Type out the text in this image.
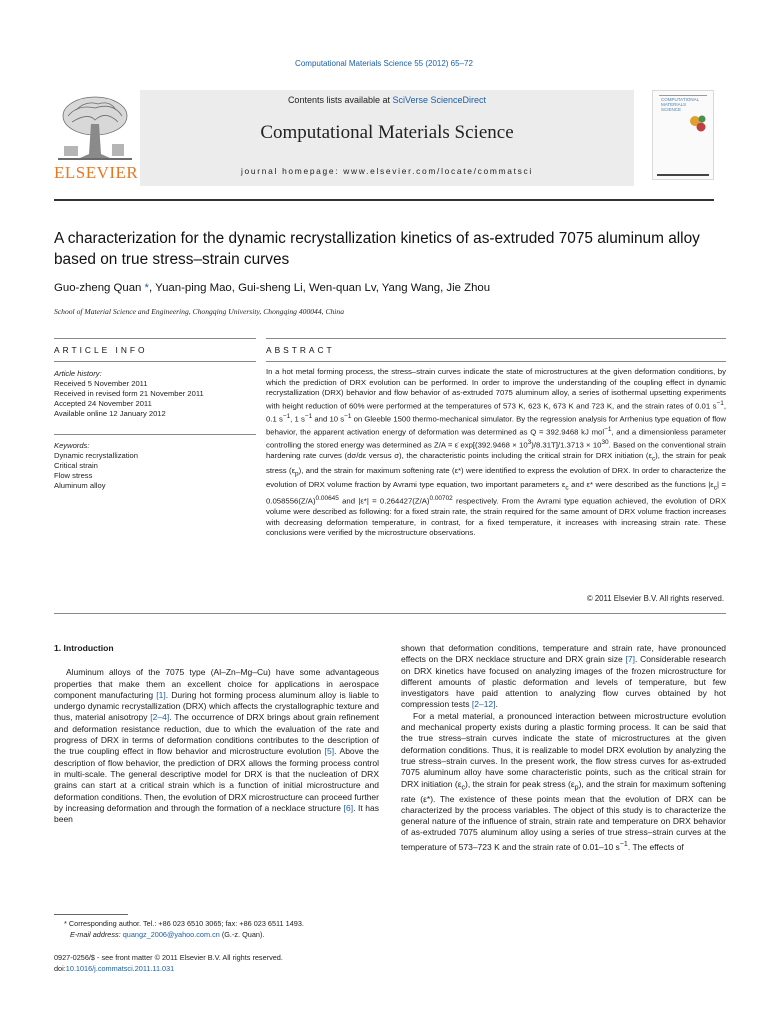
Computational Materials Science 55 (2012) 65–72
ELSEVIER
Contents lists available at SciVerse ScienceDirect
Computational Materials Science
journal homepage: www.elsevier.com/locate/commatsci
COMPUTATIONAL MATERIALS SCIENCE
A characterization for the dynamic recrystallization kinetics of as-extruded 7075 aluminum alloy based on true stress–strain curves
Guo-zheng Quan *, Yuan-ping Mao, Gui-sheng Li, Wen-quan Lv, Yang Wang, Jie Zhou
School of Material Science and Engineering, Chongqing University, Chongqing 400044, China
ARTICLE INFO	ABSTRACT
Article history:
Received 5 November 2011
Received in revised form 21 November 2011
Accepted 24 November 2011
Available online 12 January 2012
Keywords:
Dynamic recrystallization
Critical strain
Flow stress
Aluminum alloy
In a hot metal forming process, the stress–strain curves indicate the state of microstructures at the given deformation conditions, by which the prediction of DRX evolution can be performed. In order to improve the understanding of the coupling effect in dynamic recrystallization (DRX) behavior and flow behavior of as-extruded 7075 aluminum alloy, a series of isothermal upsetting experiments with height reduction of 60% were performed at the temperatures of 573 K, 623 K, 673 K and 723 K, and the strain rates of 0.01 $s^{-1}$, 0.1 $s^{-1}$, 1 $s^{-1}$ and 10 $s^{-1}$ on Gleeble 1500 thermo-mechanical simulator. By the regression analysis for Arrhenius type equation of flow behavior, the apparent activation energy of deformation was determined as Q = 392.9468 kJ mol$^{-1}$, and a dimensionless parameter controlling the stored energy was determined as Z/A = ε̇ $\exp[(392.9468 \times 10^3)/8.31T]/1.3713 \times 10^{30}$. Based on the conventional strain hardening rate curves (dσ/dε versus σ), the characteristic points including the critical strain for DRX initiation $(\varepsilon_c)$, the strain for peak stress $(\varepsilon_p)$, and the strain for maximum softening rate (ε*) were identified to express the evolution of DRX. In order to characterize the evolution of DRX volume fraction by Avrami type equation, two important parameters $\varepsilon_c$ and ε* were described as the functions $|\varepsilon_c| = 0.058556(Z/A)^{0.00645}$ and $|\varepsilon*| = 0.264427(Z/A)^{0.00702}$ respectively. From the Avrami type equation achieved, the evolution of DRX volume were described as following: for a fixed strain rate, the strain required for the same amount of DRX volume fraction increases with decreasing deformation temperature, in contrast, for a fixed temperature, it increases with increasing strain rate. These conclusions were verified by the microstructure observations.
© 2011 Elsevier B.V. All rights reserved.
1. Introduction

Aluminum alloys of the 7075 type (Al–Zn–Mg–Cu) have some advantageous properties that make them an excellent choice for applications in aerospace component manufacturing [1]. During hot forming process aluminum alloy is liable to undergo dynamic recrystallization (DRX) which affects the crystallographic texture and thus, material anisotropy [2–4]. The occurrence of DRX brings about grain refinement and deformation resistance reduction, due to which the evaluation of the rate and progress of DRX in terms of deformation conditions contributes to the description of the true coupling effect in flow behavior and microstructure evolution [5]. Above the description of flow behavior, the prediction of DRX allows the forming process control in multi-scale. The general descriptive model for DRX is that the nucleation of DRX grains can start at a critical strain which is a function of initial microstructure and deformation conditions. Then, the evolution of DRX microstructure can proceed further by increasing deformation and through the formation of a necklace structure [6]. It has been

shown that deformation conditions, temperature and strain rate, have pronounced effects on the DRX necklace structure and DRX grain size [7]. Considerable research on DRX kinetics have focused on analyzing images of the frozen microstructure for different amounts of plastic deformation and levels of temperature, but few investigators have paid attention to analyzing flow curves obtained by hot compression tests [2–12].

For a metal material, a pronounced interaction between microstructure evolution and mechanical property exists during a plastic forming process. It can be said that the true stress–strain curves indicate the state of microstructures at the given deformation conditions. Thus, it is realizable to model DRX evolution by analyzing the true stress–strain curves. In the present work, the flow stress curves for as-extruded 7075 aluminum alloy have some characteristic points, such as the critical strain for DRX initiation $(\varepsilon_c)$, the strain for peak stress $(\varepsilon_p)$, and the strain for maximum softening rate (ε*). The existence of these points mean that the evolution of DRX can be characterized by the process variables. The object of this study is to characterize the general nature of the influence of strain, strain rate and temperature on DRX behavior of as-extruded 7075 aluminum alloy using a series of true stress–strain curves at the temperature of 573–723 K and the strain rate of 0.01–10 $s^{-1}$. The effects of

* Corresponding author. Tel.: +86 023 6510 3065; fax: +86 023 6511 1493.
E-mail address: quangz_2006@yahoo.com.cn (G.-z. Quan).
0927-0256/$ - see front matter © 2011 Elsevier B.V. All rights reserved.
doi:10.1016/j.commatsci.2011.11.031
